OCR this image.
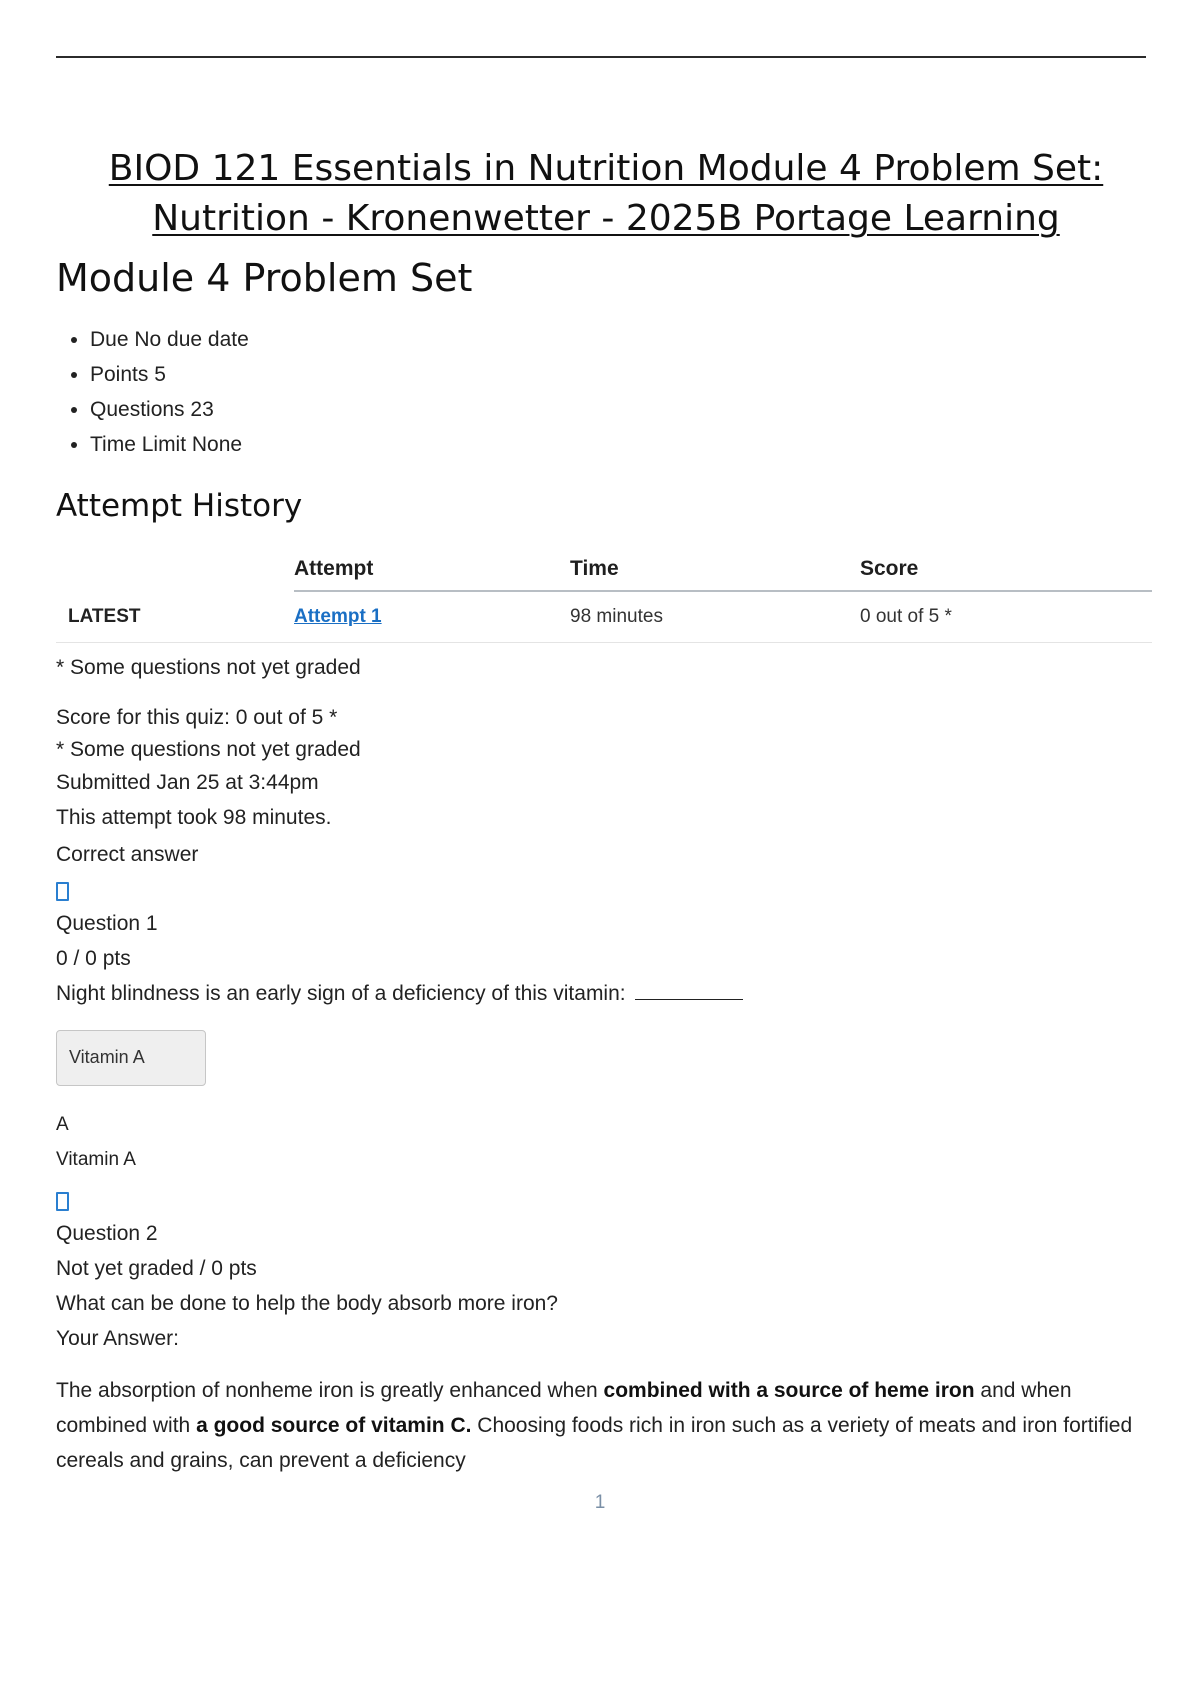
BIOD 121 Essentials in Nutrition Module 4 Problem Set:
Nutrition - Kronenwetter - 2025B Portage Learning
Module 4 Problem Set
• Due No due date
• Points 5
• Questions 23
• Time Limit None
Attempt History
	Attempt	Time	Score
LATEST	Attempt 1	98 minutes	0 out of 5 *

* Some questions not yet graded

Score for this quiz: 0 out of 5 *

* Some questions not yet graded

Submitted Jan 25 at 3:44pm

This attempt took 98 minutes.

Correct answer

Question 1

0 / 0 pts

Night blindness is an early sign of a deficiency of this vitamin:

Vitamin A

A

Vitamin A

Question 2

Not yet graded / 0 pts

What can be done to help the body absorb more iron?

Your Answer:

The absorption of nonheme iron is greatly enhanced when combined with a source of heme iron and when combined with a good source of vitamin C. Choosing foods rich in iron such as a veriety of meats and iron fortified cereals and grains, can prevent a deficiency

1
